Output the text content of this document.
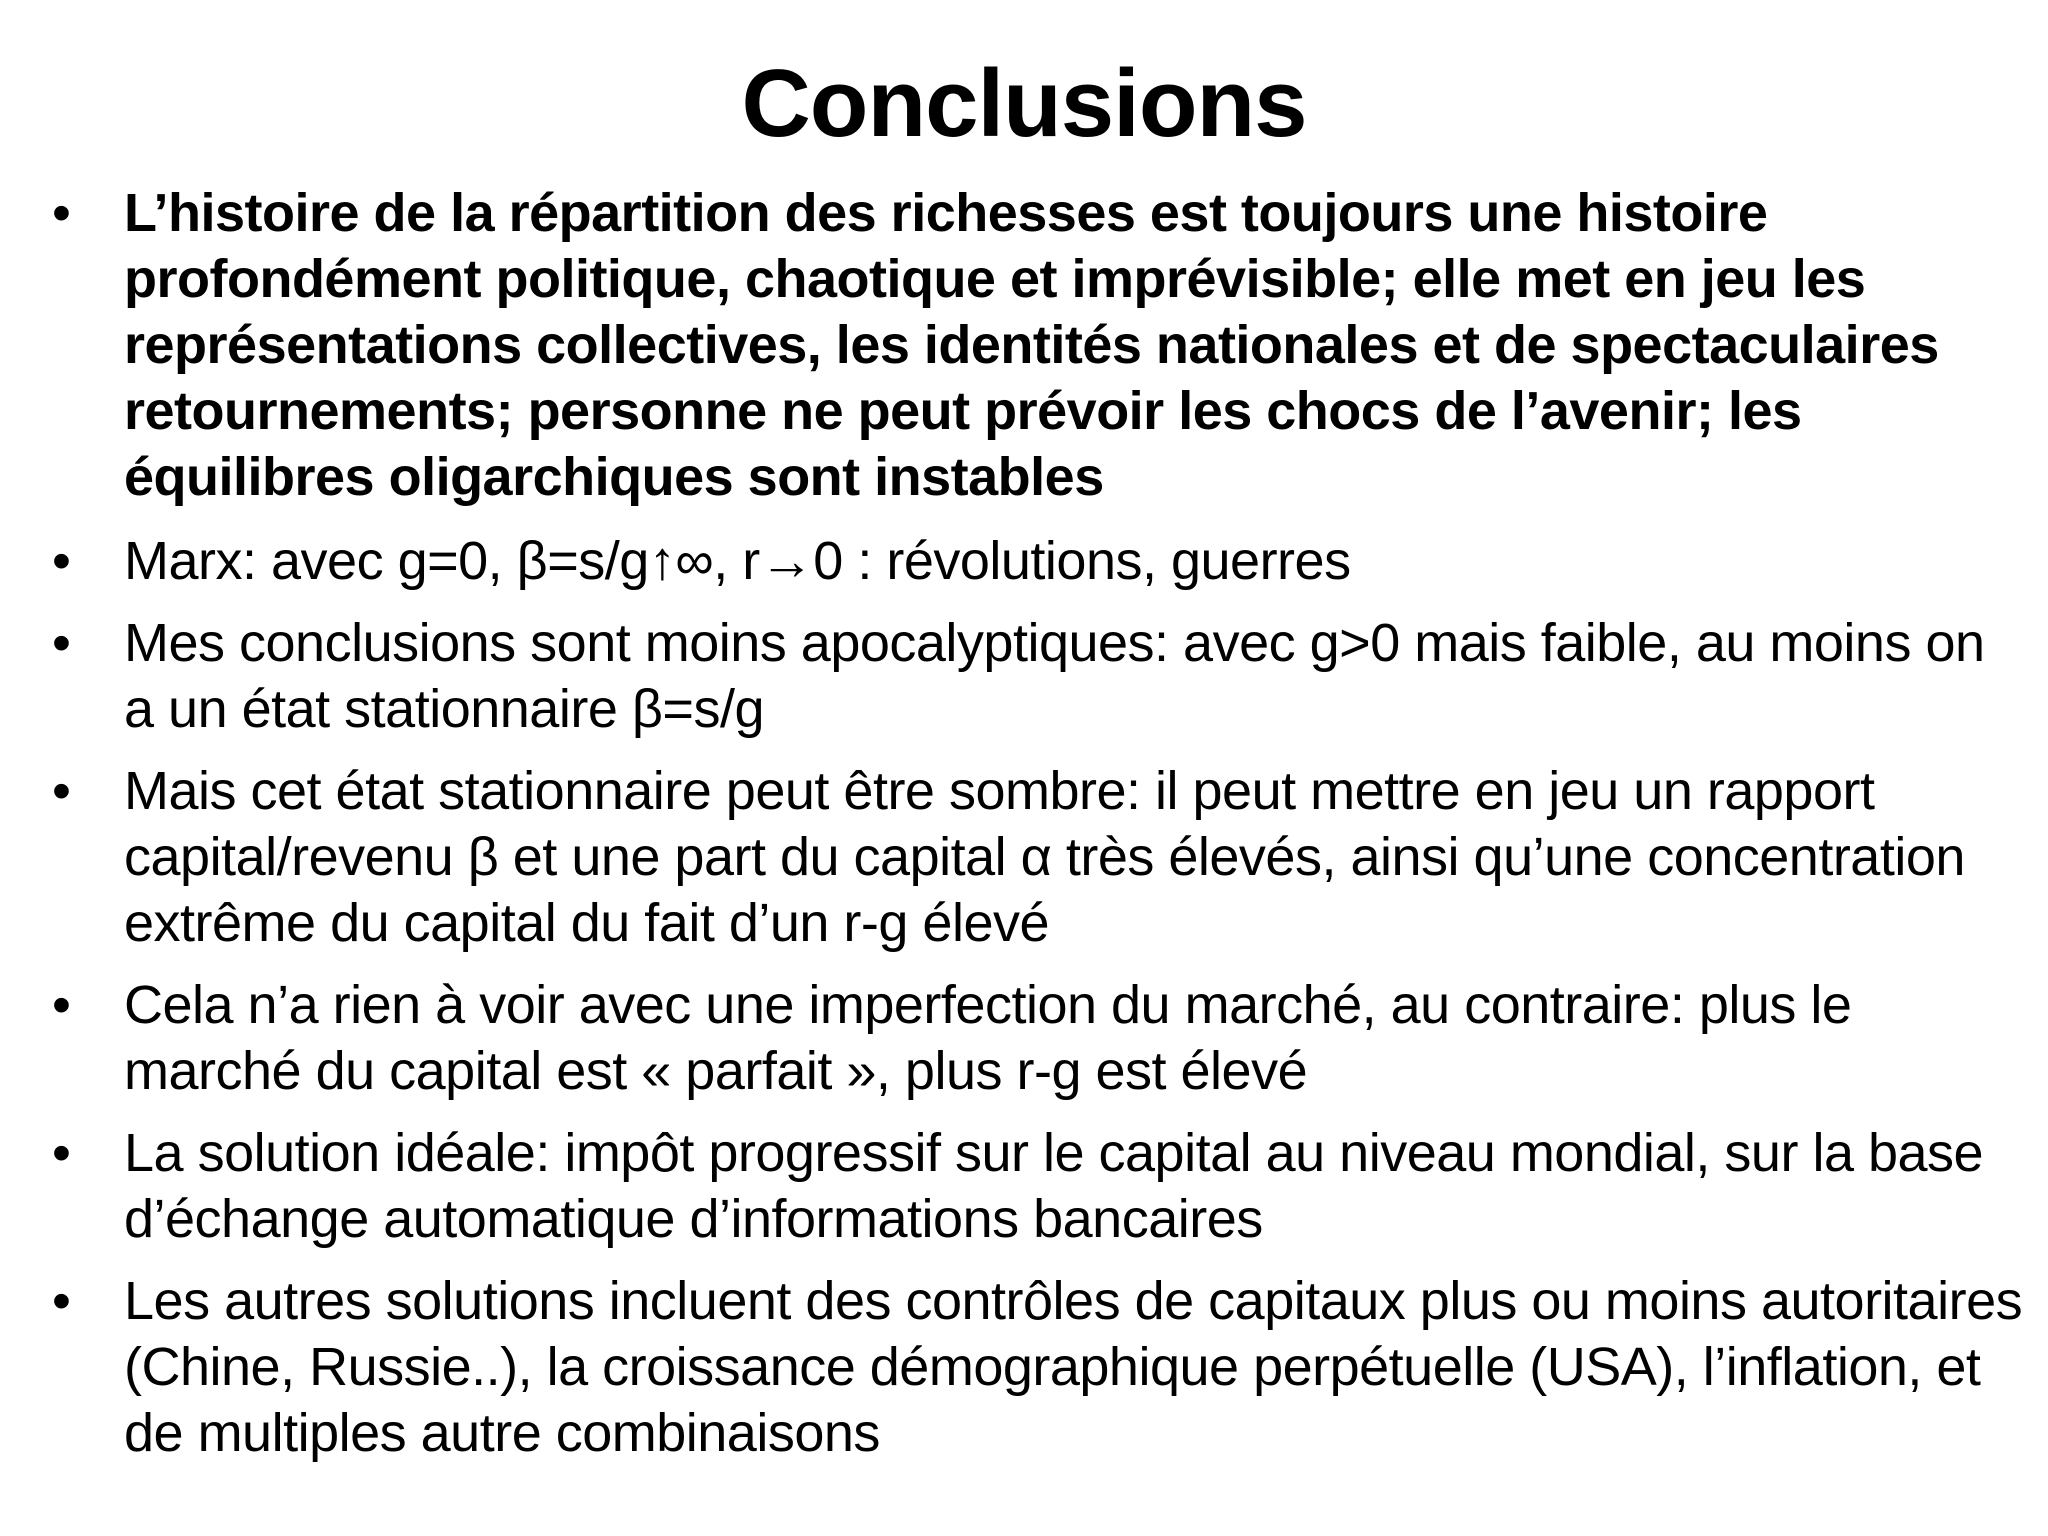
Conclusions
• L’histoire de la répartition des richesses est toujours une histoire profondément politique, chaotique et imprévisible; elle met en jeu les représentations collectives, les identités nationales et de spectaculaires retournements; personne ne peut prévoir les chocs de l’avenir; les équilibres oligarchiques sont instables
• Marx: avec g=0, β=s/g↑∞, r→0 : révolutions, guerres
• Mes conclusions sont moins apocalyptiques: avec g>0 mais faible, au moins on a un état stationnaire β=s/g
• Mais cet état stationnaire peut être sombre: il peut mettre en jeu un rapport capital/revenu β et une part du capital α très élevés, ainsi qu’une concentration extrême du capital du fait d’un r-g élevé
• Cela n’a rien à voir avec une imperfection du marché, au contraire: plus le marché du capital est « parfait », plus r-g est élevé
• La solution idéale: impôt progressif sur le capital au niveau mondial, sur la base d’échange automatique d’informations bancaires
• Les autres solutions incluent des contrôles de capitaux plus ou moins autoritaires (Chine, Russie..), la croissance démographique perpétuelle (USA), l’inflation, et de multiples autre combinaisons
